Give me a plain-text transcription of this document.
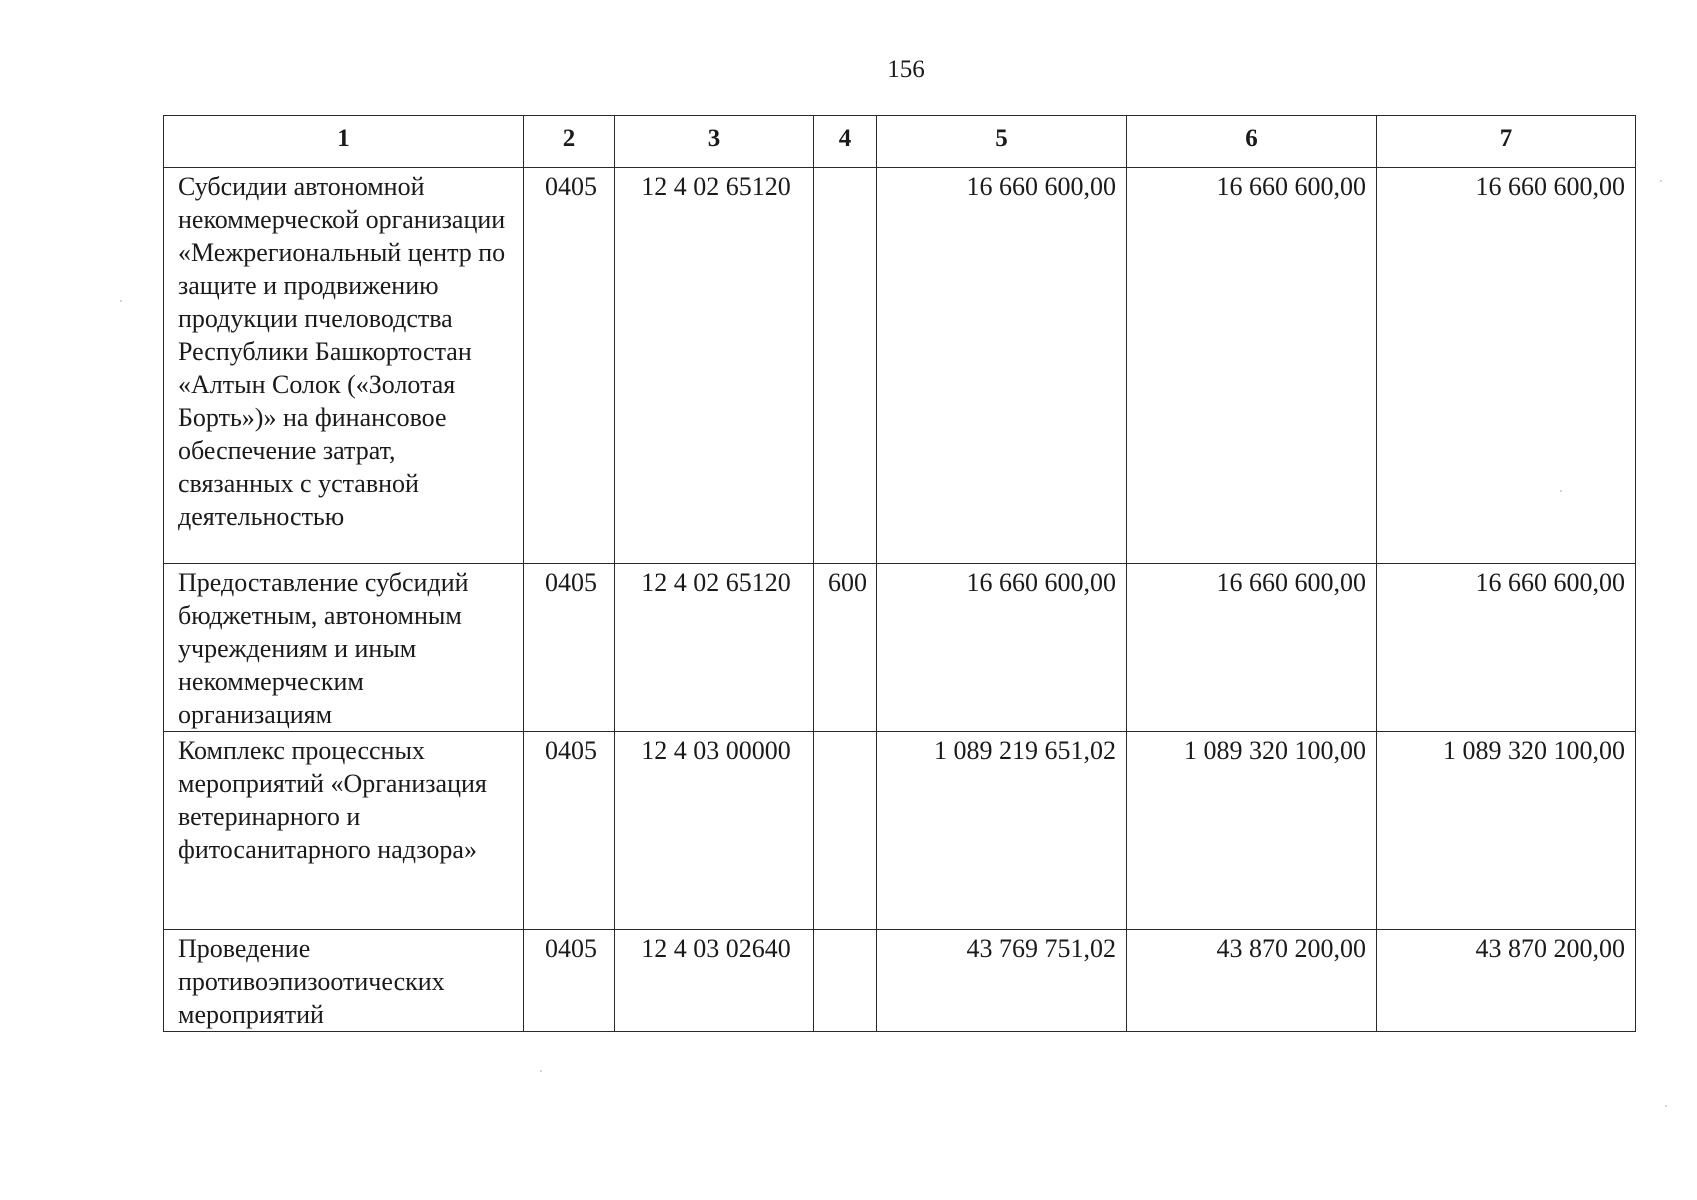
156
1	2	3	4	5	6	7
Субсидии автономной некоммерческой организации «Межрегиональный центр по защите и продвижению продукции пчеловодства Республики Башкортостан «Алтын Солок («Золотая Борть»)» на финансовое обеспечение затрат, связанных с уставной деятельностью	0405	12 4 02 65120		16 660 600,00	16 660 600,00	16 660 600,00
Предоставление субсидий бюджетным, автономным учреждениям и иным некоммерческим организациям	0405	12 4 02 65120	600	16 660 600,00	16 660 600,00	16 660 600,00
Комплекс процессных мероприятий «Организация ветеринарного и фитосанитарного надзора»	0405	12 4 03 00000		1 089 219 651,02	1 089 320 100,00	1 089 320 100,00
Проведение противоэпизоотических мероприятий	0405	12 4 03 02640		43 769 751,02	43 870 200,00	43 870 200,00
